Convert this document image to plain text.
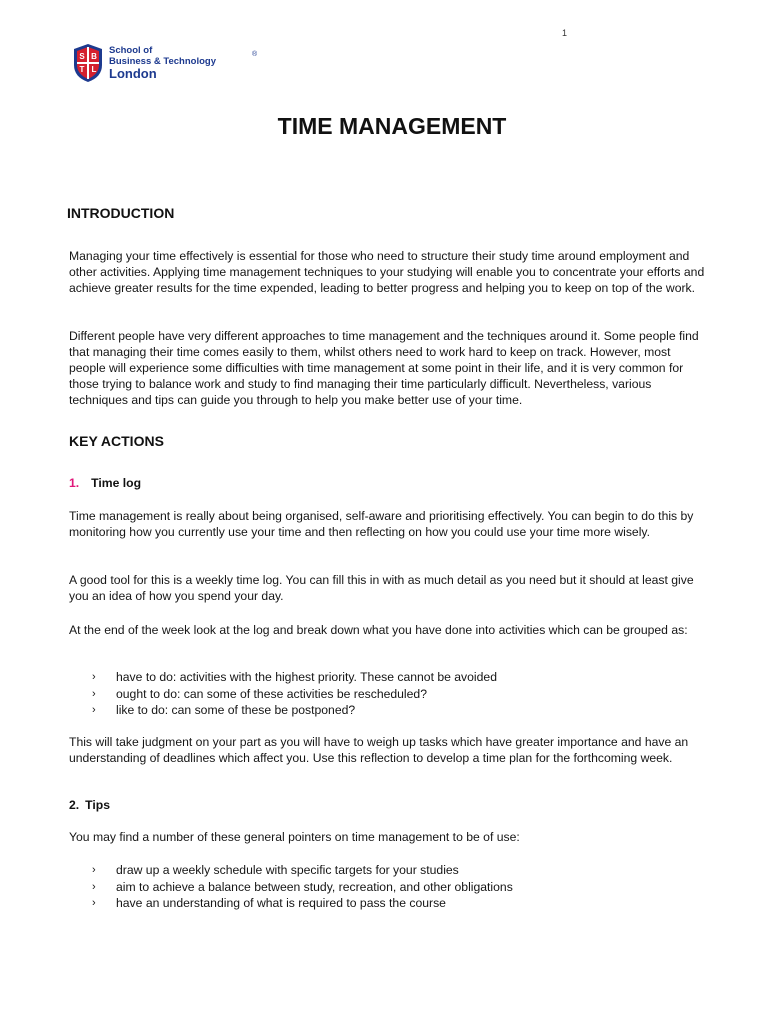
1
S B
T L
School of
Business & Technology
London
®
TIME MANAGEMENT
INTRODUCTION

Managing your time effectively is essential for those who need to structure their study time around employment and other activities. Applying time management techniques to your studying will enable you to concentrate your efforts and achieve greater results for the time expended, leading to better progress and helping you to keep on top of the work.

Different people have very different approaches to time management and the techniques around it. Some people find that managing their time comes easily to them, whilst others need to work hard to keep on track. However, most people will experience some difficulties with time management at some point in their life, and it is very common for those trying to balance work and study to find managing their time particularly difficult. Nevertheless, various techniques and tips can guide you through to help you make better use of your time.

KEY ACTIONS

1. Time log

Time management is really about being organised, self-aware and prioritising effectively. You can begin to do this by monitoring how you currently use your time and then reflecting on how you could use your time more wisely.

A good tool for this is a weekly time log. You can fill this in with as much detail as you need but it should at least give you an idea of how you spend your day.

At the end of the week look at the log and break down what you have done into activities which can be grouped as:

› have to do: activities with the highest priority. These cannot be avoided
› ought to do: can some of these activities be rescheduled?
› like to do: can some of these be postponed?

This will take judgment on your part as you will have to weigh up tasks which have greater importance and have an understanding of deadlines which affect you. Use this reflection to develop a time plan for the forthcoming week.

2. Tips

You may find a number of these general pointers on time management to be of use:

› draw up a weekly schedule with specific targets for your studies
› aim to achieve a balance between study, recreation, and other obligations
› have an understanding of what is required to pass the course
